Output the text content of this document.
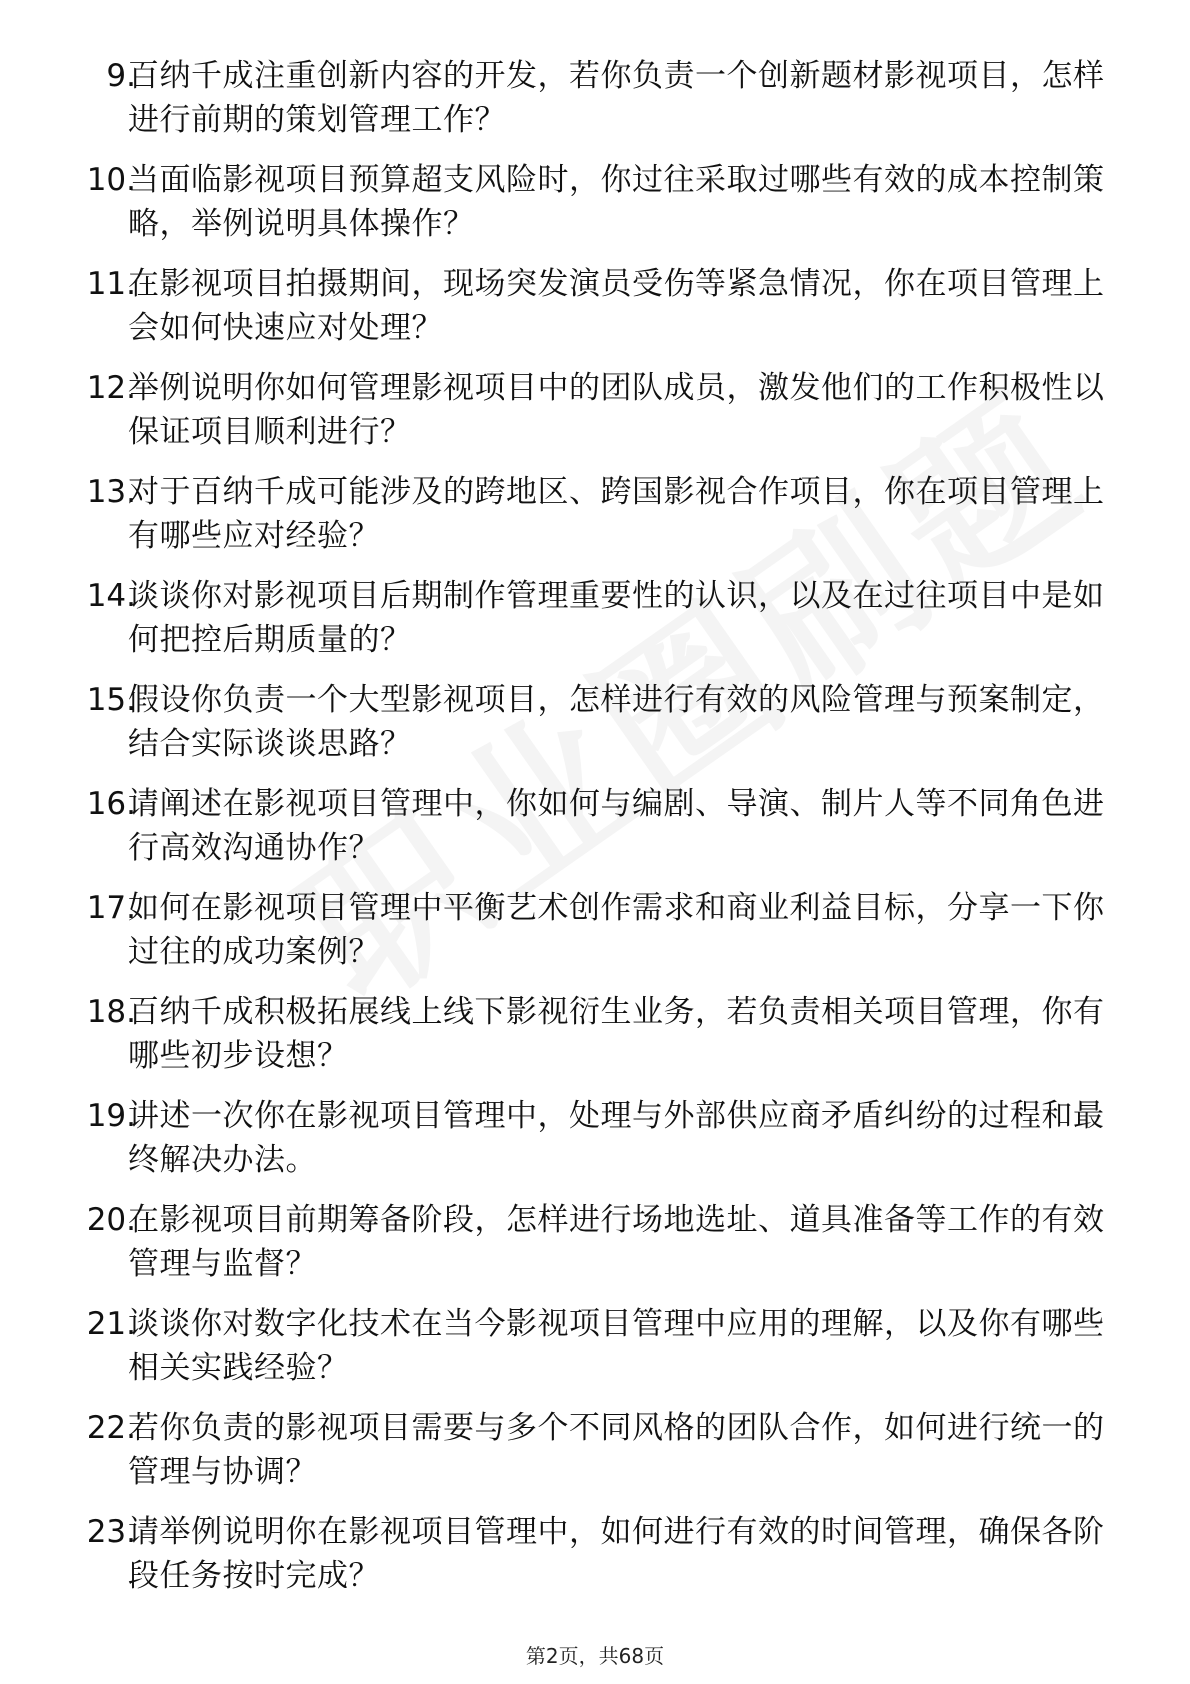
9.
百纳千成注重创新内容的开发，若你负责一个创新题材影视项目，怎样进行前期的策划管理工作？
10.
当面临影视项目预算超支风险时，你过往采取过哪些有效的成本控制策略，举例说明具体操作？
11.
在影视项目拍摄期间，现场突发演员受伤等紧急情况，你在项目管理上会如何快速应对处理？
12.
举例说明你如何管理影视项目中的团队成员，激发他们的工作积极性以保证项目顺利进行？
13.
对于百纳千成可能涉及的跨地区、跨国影视合作项目，你在项目管理上有哪些应对经验？
14.
谈谈你对影视项目后期制作管理重要性的认识，以及在过往项目中是如何把控后期质量的？
15.
假设你负责一个大型影视项目，怎样进行有效的风险管理与预案制定，结合实际谈谈思路？
16.
请阐述在影视项目管理中，你如何与编剧、导演、制片人等不同角色进行高效沟通协作？
17.
如何在影视项目管理中平衡艺术创作需求和商业利益目标，分享一下你过往的成功案例？
18.
百纳千成积极拓展线上线下影视衍生业务，若负责相关项目管理，你有哪些初步设想？
19.
讲述一次你在影视项目管理中，处理与外部供应商矛盾纠纷的过程和最终解决办法。
20.
在影视项目前期筹备阶段，怎样进行场地选址、道具准备等工作的有效管理与监督？
21.
谈谈你对数字化技术在当今影视项目管理中应用的理解，以及你有哪些相关实践经验？
22.
若你负责的影视项目需要与多个不同风格的团队合作，如何进行统一的管理与协调？
23.
请举例说明你在影视项目管理中，如何进行有效的时间管理，确保各阶段任务按时完成？
第2页，共68页
